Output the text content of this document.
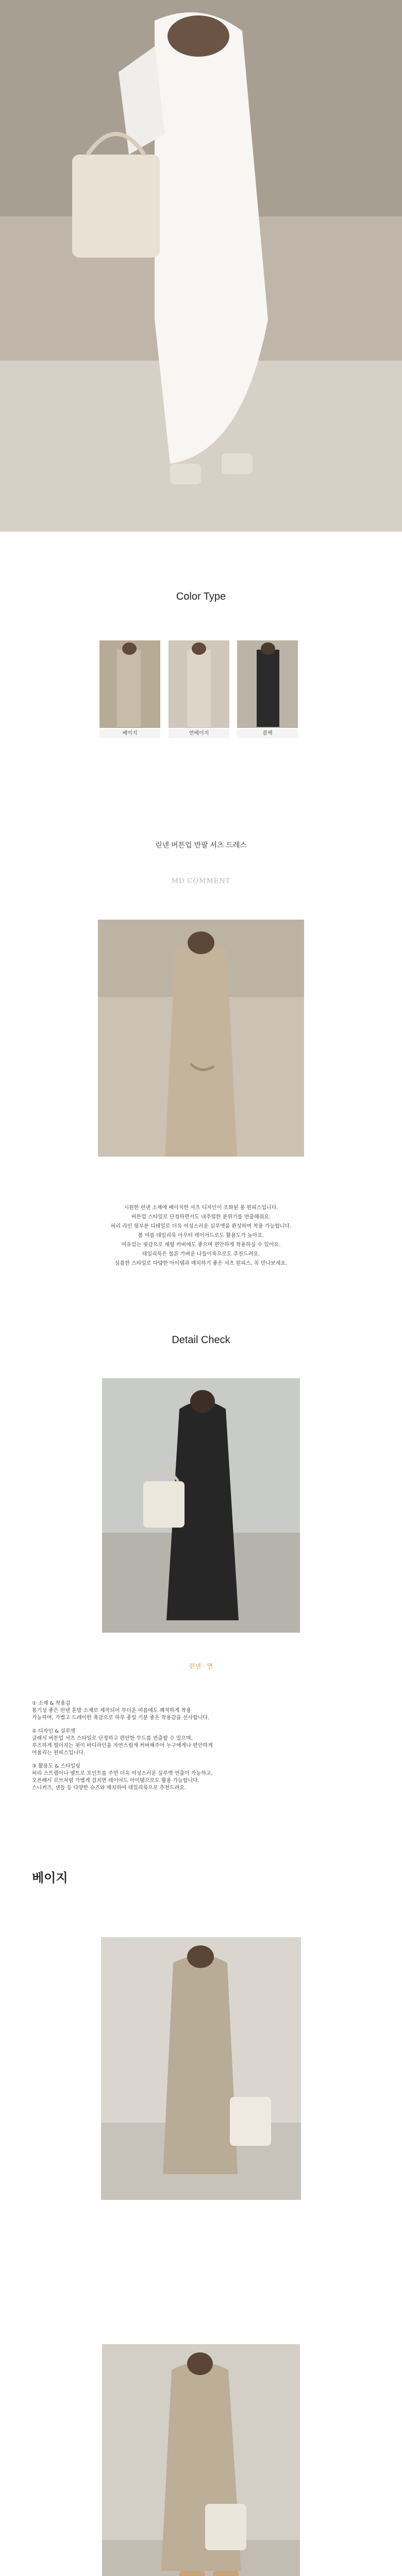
Color Type
베이지	연베이지	블랙
린넨 버튼업 반팔 셔츠 드레스
MD COMMENT
시원한 린넨 소재에 베이직한 셔츠 디자인이 조화된 롱 원피스입니다.
버튼업 스타일로 단정하면서도 내추럴한 분위기를 연출해줘요.
허리 라인 뒷부분 디테일로 더욱 여성스러운 실루엣을 완성하며 착용 가능합니다.
봄 여름 데일리룩 아우터 레이어드로도 활용도가 높아요.
여유있는 핏감으로 체형 커버에도 좋으며 편안하게 착용하실 수 있어요.
데일리룩은 물론 가벼운 나들이룩으로도 추천드려요.
심플한 스타일로 다양한 아이템과 매치하기 좋은 셔츠 원피스, 꼭 만나보세요.
Detail Check
린넨 · 면
① 소재 & 착용감
통기성 좋은 린넨 혼방 소재로 제작되어 무더운 여름에도 쾌적하게 착용
가능하며, 가볍고 드레이한 촉감으로 하루 종일 기분 좋은 착용감을 선사합니다.
② 디자인 & 실루엣
클래식 버튼업 셔츠 스타일로 단정하고 편안한 무드를 연출할 수 있으며,
루즈하게 떨어지는 핏이 바디라인을 자연스럽게 커버해주어 누구에게나 편안하게
어울리는 원피스입니다.
③ 활용도 & 스타일링
허리 스트랩이나 벨트로 포인트를 주면 더욱 여성스러운 실루엣 연출이 가능하고,
오픈해서 로브처럼 가볍게 걸치면 레이어드 아이템으로도 활용 가능합니다.
스니커즈, 샌들 등 다양한 슈즈와 매치하여 데일리룩으로 추천드려요.
베이지
